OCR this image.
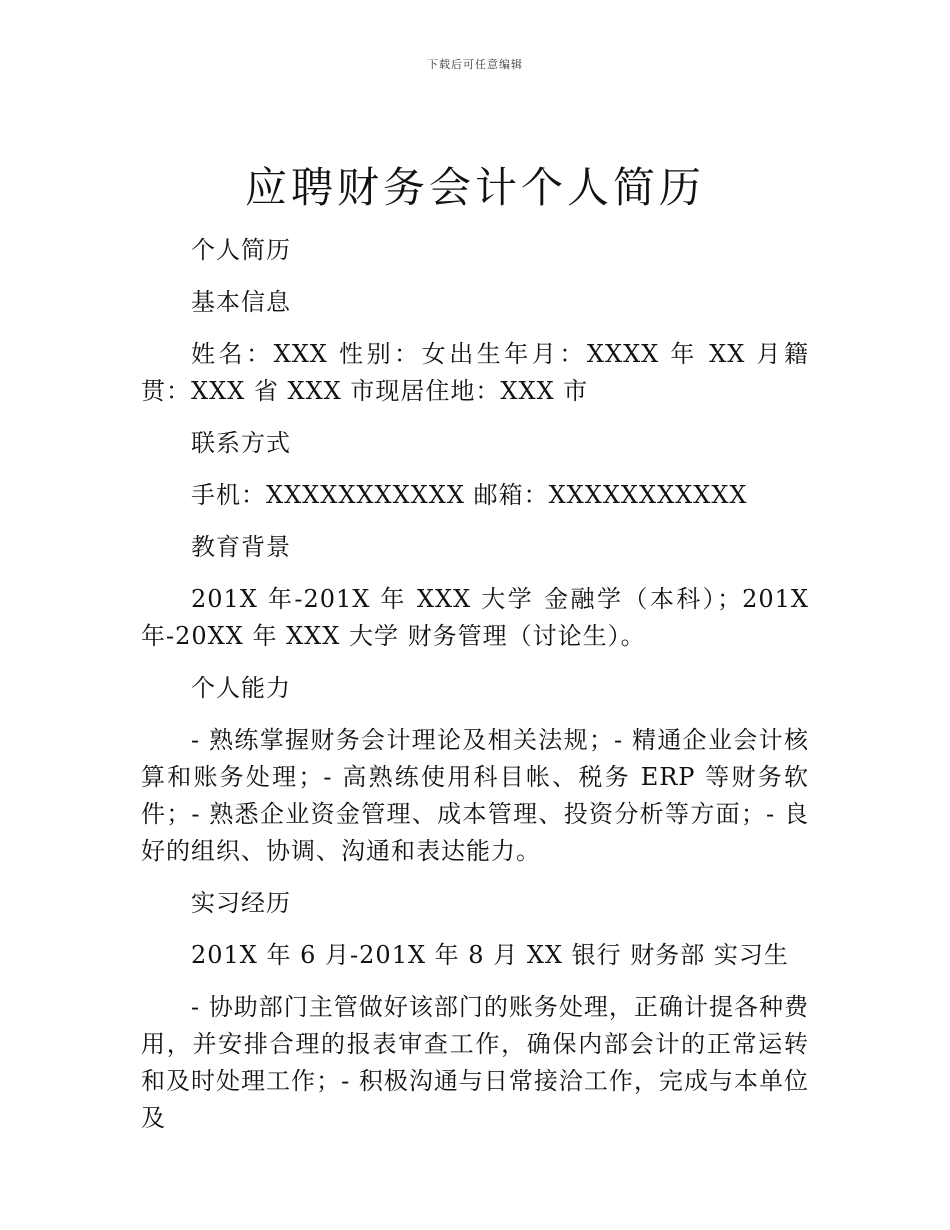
下载后可任意编辑
应聘财务会计个人简历

个人简历

基本信息

姓名：XXX 性别：女出生年月：XXXX 年 XX 月籍贯：XXX 省 XXX 市现居住地：XXX 市

联系方式

手机：XXXXXXXXXXX 邮箱：XXXXXXXXXXX

教育背景

201X 年-201X 年 XXX 大学 金融学（本科）；201X 年-20XX 年 XXX 大学 财务管理（讨论生）。

个人能力

- 熟练掌握财务会计理论及相关法规；- 精通企业会计核算和账务处理；- 高熟练使用科目帐、税务 ERP 等财务软件；- 熟悉企业资金管理、成本管理、投资分析等方面；- 良好的组织、协调、沟通和表达能力。

实习经历

201X 年 6 月-201X 年 8 月 XX 银行 财务部 实习生

- 协助部门主管做好该部门的账务处理，正确计提各种费用，并安排合理的报表审查工作，确保内部会计的正常运转和及时处理工作；- 积极沟通与日常接洽工作，完成与本单位及
